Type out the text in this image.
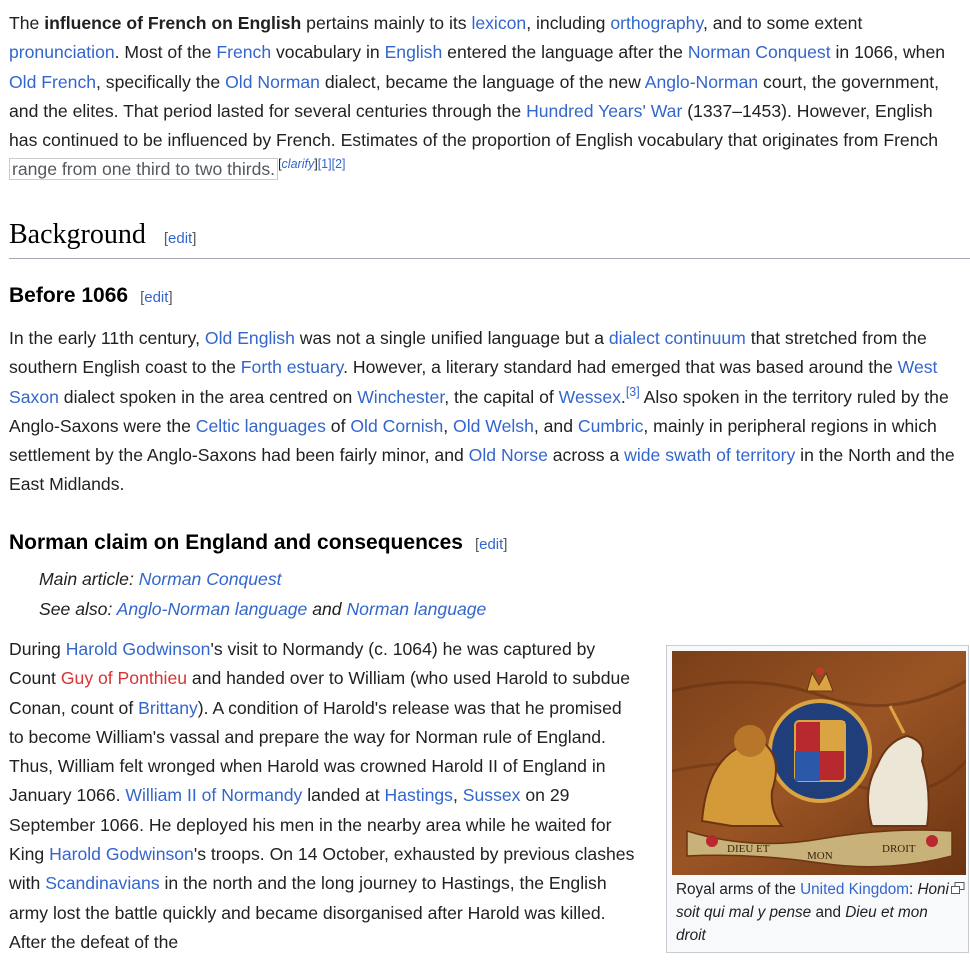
The influence of French on English pertains mainly to its lexicon, including orthography, and to some extent pronunciation. Most of the French vocabulary in English entered the language after the Norman Conquest in 1066, when Old French, specifically the Old Norman dialect, became the language of the new Anglo-Norman court, the government, and the elites. That period lasted for several centuries through the Hundred Years' War (1337–1453). However, English has continued to be influenced by French. Estimates of the proportion of English vocabulary that originates from French range from one third to two thirds. [clarify][1][2]

Background [edit]
Before 1066 [edit]

In the early 11th century, Old English was not a single unified language but a dialect continuum that stretched from the southern English coast to the Forth estuary. However, a literary standard had emerged that was based around the West Saxon dialect spoken in the area centred on Winchester, the capital of Wessex.[3] Also spoken in the territory ruled by the Anglo-Saxons were the Celtic languages of Old Cornish, Old Welsh, and Cumbric, mainly in peripheral regions in which settlement by the Anglo-Saxons had been fairly minor, and Old Norse across a wide swath of territory in the North and the East Midlands.

Norman claim on England and consequences [edit]
Main article: Norman Conquest
See also: Anglo-Norman language and Norman language

During Harold Godwinson's visit to Normandy (c. 1064) he was captured by Count Guy of Ponthieu and handed over to William (who used Harold to subdue Conan, count of Brittany). A condition of Harold's release was that he promised to become William's vassal and prepare the way for Norman rule of England. Thus, William felt wronged when Harold was crowned Harold II of England in January 1066. William II of Normandy landed at Hastings, Sussex on 29 September 1066. He deployed his men in the nearby area while he waited for King Harold Godwinson's troops. On 14 October, exhausted by previous clashes with Scandinavians in the north and the long journey to Hastings, the English army lost the battle quickly and became disorganised after Harold was killed. After the defeat of the

DIEU ET
MON
DROIT
Royal arms of the United Kingdom: Honi soit qui mal y pense and Dieu et mon droit
